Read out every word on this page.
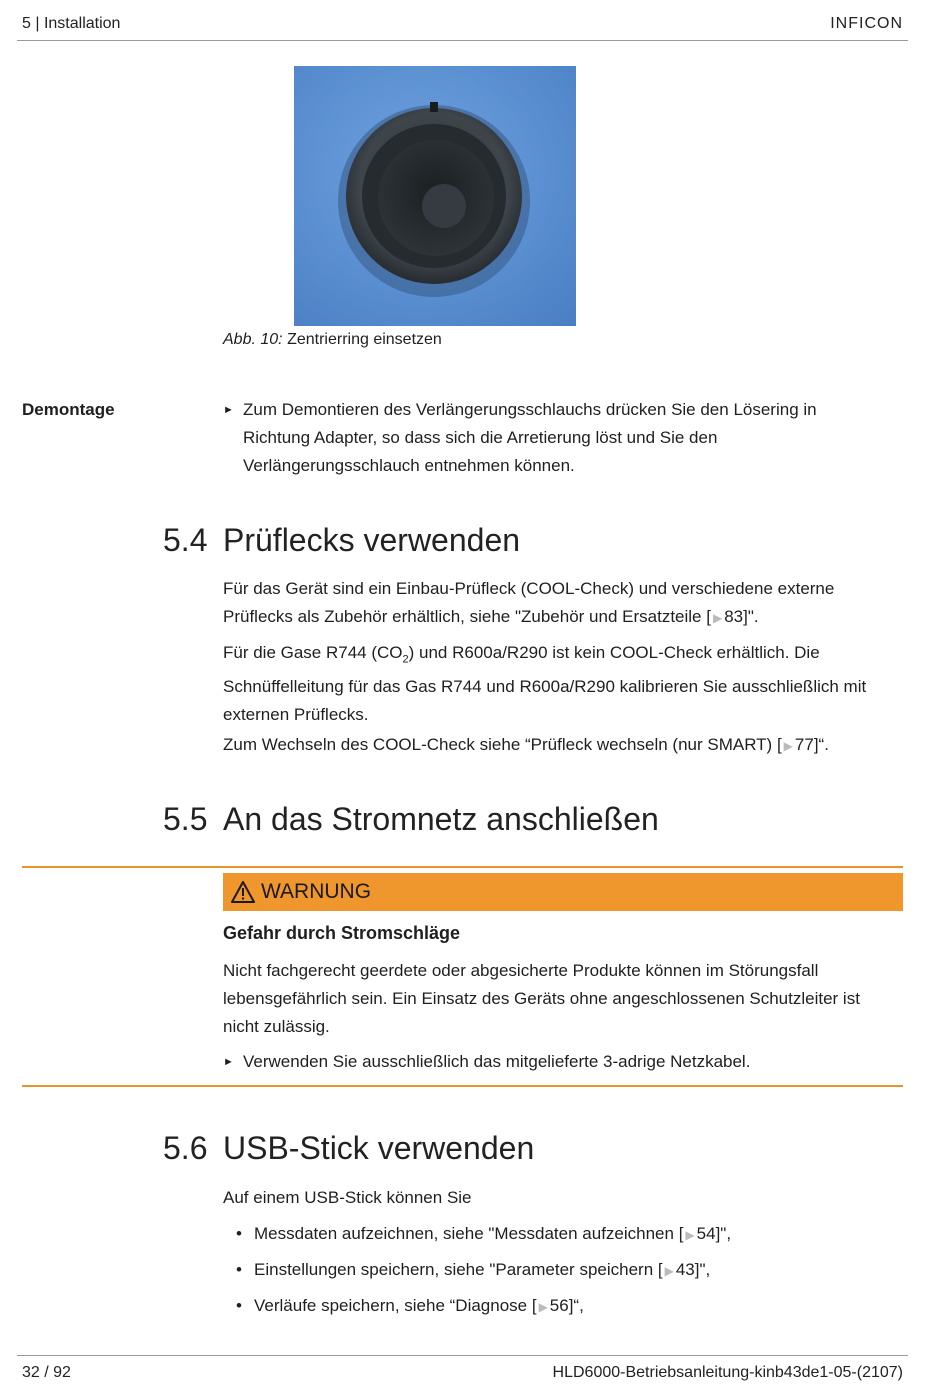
5 | Installation	INFICON
Abb. 10: Zentrierring einsetzen
Demontage	► Zum Demontieren des Verlängerungsschlauchs drücken Sie den Lösering in
Richtung Adapter, so dass sich die Arretierung löst und Sie den
Verlängerungsschlauch entnehmen können.
5.4 Prüflecks verwenden
Für das Gerät sind ein Einbau-Prüfleck (COOL-Check) und verschiedene externe
Prüflecks als Zubehör erhältlich, siehe "Zubehör und Ersatzteile [ ▶ 83]".
Für die Gase R744 $(CO_2)$ und R600a/R290 ist kein COOL-Check erhältlich. Die
Schnüffelleitung für das Gas R744 und R600a/R290 kalibrieren Sie ausschließlich mit
externen Prüflecks.
Zum Wechseln des COOL-Check siehe “Prüfleck wechseln (nur SMART) [ ▶ 77]“.
5.5 An das Stromnetz anschließen
WARNUNG
Gefahr durch Stromschläge
Nicht fachgerecht geerdete oder abgesicherte Produkte können im Störungsfall
lebensgefährlich sein. Ein Einsatz des Geräts ohne angeschlossenen Schutzleiter ist
nicht zulässig.
► Verwenden Sie ausschließlich das mitgelieferte 3-adrige Netzkabel.
5.6 USB-Stick verwenden
Auf einem USB-Stick können Sie
• Messdaten aufzeichnen, siehe "Messdaten aufzeichnen [ ▶ 54]",
• Einstellungen speichern, siehe "Parameter speichern [ ▶ 43]",
• Verläufe speichern, siehe “Diagnose [ ▶ 56]“,
32 / 92	HLD6000-Betriebsanleitung-kinb43de1-05-(2107)
